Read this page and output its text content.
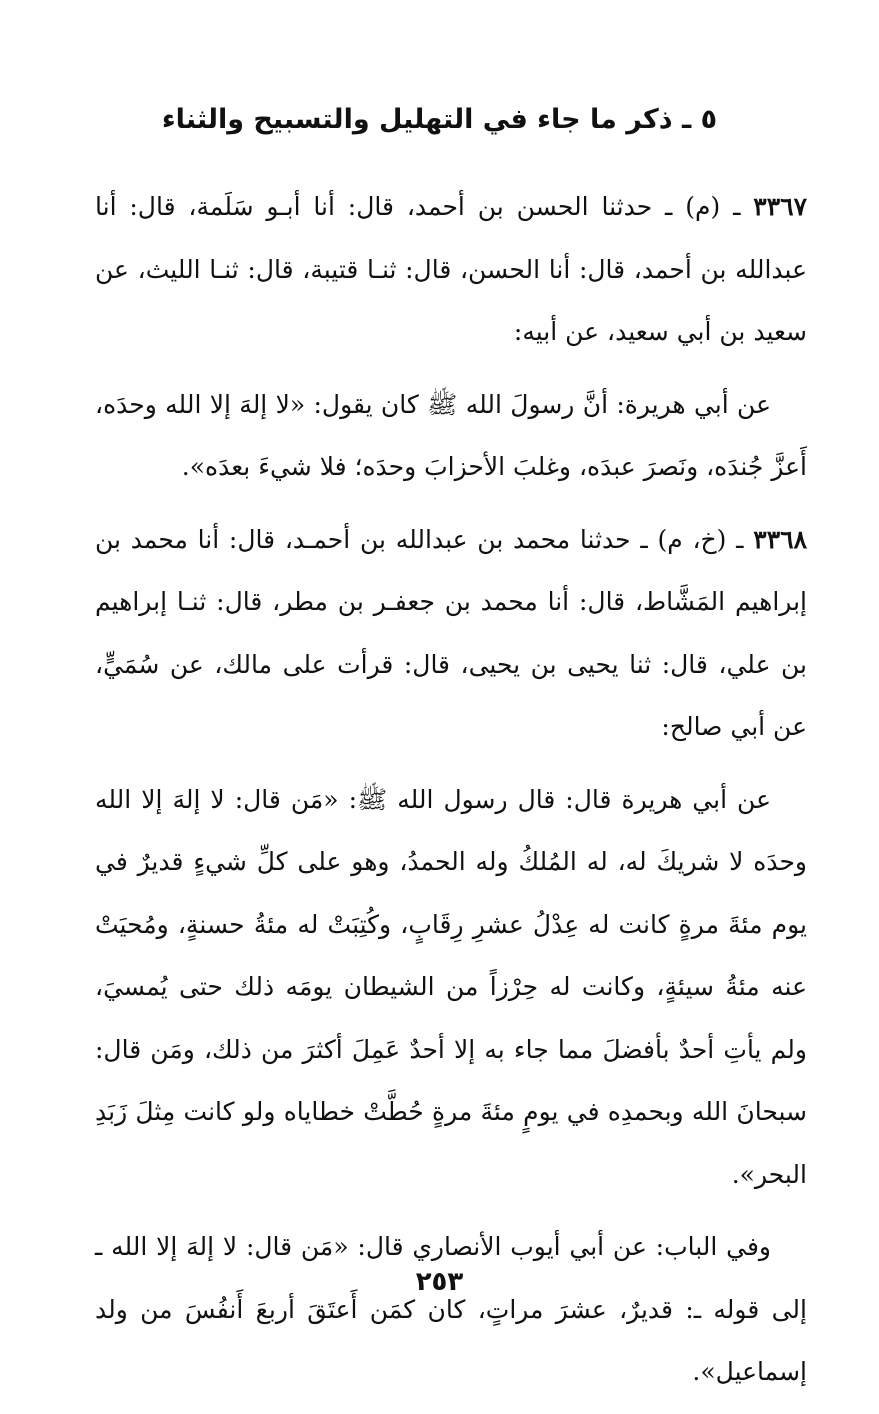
٥ ـ ذكر ما جاء في التهليل والتسبيح والثناء

٣٣٦٧ ـ (م) ـ حدثنا الحسن بن أحمد، قال: أنا أبـو سَلَمة، قال: أنا عبدالله بن أحمد، قال: أنا الحسن، قال: ثنـا قتيبة، قال: ثنـا الليث، عن سعيد بن أبي سعيد، عن أبيه:

عن أبي هريرة: أنَّ رسولَ الله ﷺ كان يقول: «لا إلهَ إلا الله وحدَه، أَعزَّ جُندَه، ونَصرَ عبدَه، وغلبَ الأحزابَ وحدَه؛ فلا شيءَ بعدَه».

٣٣٦٨ ـ (خ، م) ـ حدثنا محمد بن عبدالله بن أحمـد، قال: أنا محمد بن إبراهيم المَشَّاط، قال: أنا محمد بن جعفـر بن مطر، قال: ثنـا إبراهيم بن علي، قال: ثنا يحيى بن يحيى، قال: قرأت على مالك، عن سُمَيٍّ، عن أبي صالح:

عن أبي هريرة قال: قال رسول الله ﷺ: «مَن قال: لا إلهَ إلا الله وحدَه لا شريكَ له، له المُلكُ وله الحمدُ، وهو على كلِّ شيءٍ قديرٌ في يوم مئةَ مرةٍ كانت له عِدْلُ عشرِ رِقَابٍ، وكُتِبَتْ له مئةُ حسنةٍ، ومُحيَتْ عنه مئةُ سيئةٍ، وكانت له حِرْزاً من الشيطان يومَه ذلك حتى يُمسيَ، ولم يأتِ أحدٌ بأفضلَ مما جاء به إلا أحدٌ عَمِلَ أكثرَ من ذلك، ومَن قال: سبحانَ الله وبحمدِه في يومٍ مئةَ مرةٍ حُطَّتْ خطاياه ولو كانت مِثلَ زَبَدِ البحر».

وفي الباب: عن أبي أيوب الأنصاري قال: «مَن قال: لا إلهَ إلا الله ـ إلى قوله ـ: قديرٌ، عشرَ مراتٍ، كان كمَن أَعتَقَ أربعَ أَنفُسَ من ولد إسماعيل».

٢٥٣
